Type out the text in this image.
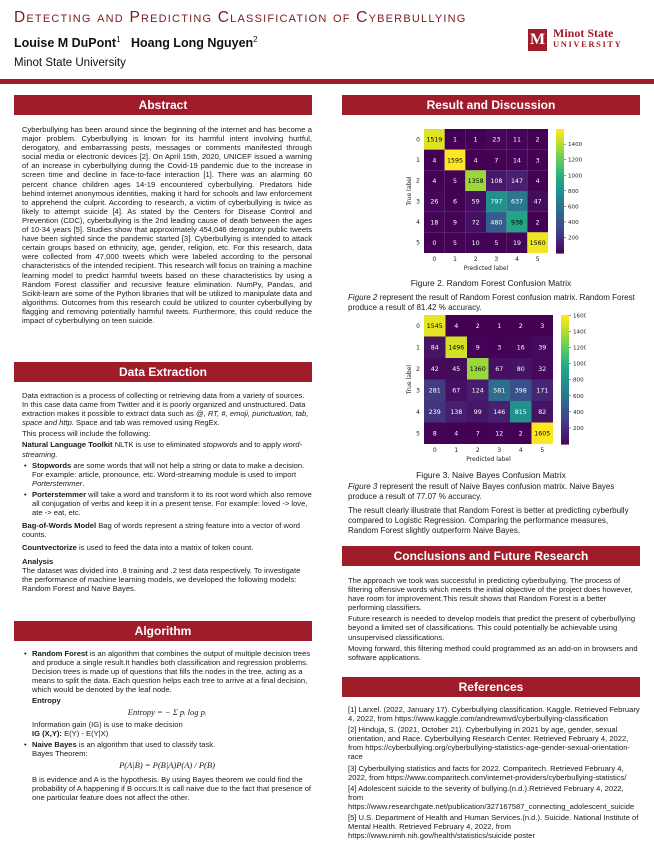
Detecting and Predicting Classification of Cyberbullying
Louise M DuPont$^1$ Hoang Long Nguyen$^2$
Minot State University
M Minot State
UNIVERSITY
Abstract
Cyberbullying has been around since the beginning of the internet and has become a major problem. Cyberbullying is known for its harmful intent involving hurtful, derogatory, and embarrassing posts, messages or comments manifested through social media or electronic devices [2]. On April 15th, 2020, UNICEF issued a warning of an increase in cyberbullying during the Covid-19 pandemic due to the increase in screen time and decline in face-to-face interaction [1]. There was an alarming 60 percent chance children ages 14-19 encountered cyberbullying. Predators hide behind internet anonymous identities, making it hard for schools and law enforcement to apprehend the culprit. According to research, a victim of cyberbullying is twice as likely to attempt suicide [4]. As stated by the Centers for Disease Control and Prevention (CDC), cyberbullying is the 2nd leading cause of death between the ages of 10-34 years [5]. Studies show that approximately 454,046 derogatory public tweets have been sighted since the pandemic started [3]. Cyberbullying is intended to attack certain groups based on ethnicity, age, gender, religion, etc. For this research, data were collected from 47,000 tweets which were labeled according to the personal characteristics of the intended recipient. This research will focus on training a machine learning model to predict harmful tweets based on these characteristics by using a Random Forest classifier and recursive feature elimination. NumPy, Pandas, and Scikit-learn are some of the Python libraries that will be utilized to manipulate data and algorithms. Outcomes from this research could be utilized to counter cyberbullying by flagging and removing potentially harmful tweets. Furthermore, this could reduce the impact of cyberbullying on teen suicide.
Data Extraction

Data extraction is a process of collecting or retrieving data from a variety of sources. In this case data came from Twitter and it is poorly organized and unstructured. Data extraction makes it possible to extract data such as @, RT, #, emoji, punctuation, tab, space and http. Space and tab was removed using RegEx.

This process will include the following:

Natural Language Toolkit NLTK is use to eliminated stopwords and to apply word-streaming.

• Stopwords are some words that will not help a string or data to make a decision. For example: article, pronounce, etc. Word-streaming module is used to import Porterstemmer.

• Porterstemmer will take a word and transform it to its root word which also remove all conjugation of verbs and keep it in a present tense. For example: loved -> love, ate -> eat, etc.

Bag-of-Words Model Bag of words represent a string feature into a vector of word counts.

Countvectorize is used to feed the data into a matrix of token count.

Analysis

The dataset was divided into .8 training and .2 test data respectively. To investigate the performance of machine learning models, we developed the following models: Random Forest and Naive Bayes.

Algorithm

• Random Forest is an algorithm that combines the output of multiple decision trees and produce a single result.It handles both classification and regression problems. Decision trees is made up of questions that fills the nodes in the tree, acting as a means to split the data. Each question helps each tree to arrive at a final decision, which would be denoted by the leaf node.

Entropy

Entropy = − Σ pᵢ log pᵢ

Information gain (IG) is use to make decision

IG (X,Y): E(Y) - E(Y|X)

• Naive Bayes is an algorithm that used to classify task.

Bayes Theorem:

P(A|B) = P(B|A)P(A) / P(B)

B is evidence and A is the hypothesis. By using Bayes theorem we could find the probability of A happening if B occurs.It is call naive due to the fact that presence of one particular feature does not affect the other.

Result and Discussion
1519 1	1 23 11 2
4 1595 4	7 14 3
4	5 1358 108 147 4
26 6 59 797 637 47
18 9 72 480 938 2
0	5 10 5 19 1560
0	1	2	3	4	5
0
1
2
3
4
5
Predicted label
True label
200
400
600
800
1000
1200
1400
Figure 2. Random Forest Confusion Matrix
Figure 2 represent the result of Random Forest confusion matrix. Random Forest produce a result of 81.42 % accuracy.
1545 4	2	1	2	3
84 1496 9	3 16 39
42 45 1360 67 80 32
281 67 124 581 398 171
239 138 99 146 815 82
8	4	7 12 2 1605
0	1	2	3	4	5
0
1
2
3
4
5
Predicted label
True label
200
400
600
800
1000
1200
1400
1600
Figure 3. Naive Bayes Confusion Matrix
Figure 3 represent the result of Naive Bayes confusion matrix. Naive Bayes produce a result of 77.07 % accuracy.
The result clearly illustrate that Random Forest is better at predicting cyberbully compared to Logistic Regression. Comparing the performance measures, Random Forest slightly outperform Naive Bayes.
Conclusions and Future Research

The approach we took was successful in predicting cyberbullying. The process of filtering offensive words which meets the initial objective of the project does however, have room for improvement.This result shows that Random Forest is a better performing classifiers.

Future research is needed to develop models that predict the present of cyberbullying beyond a limited set of classifications. This could potentially be achievable using unsupervised classifications.

Moving forward, this filtering method could programmed as an add-on in browsers and software applications.

References

[1] Larxel. (2022, January 17). Cyberbullying classification. Kaggle. Retrieved February 4, 2022, from https://www.kaggle.com/andrewmvd/cyberbullying-classification

[2] Hinduja, S. (2021, October 21). Cyberbullying in 2021 by age, gender, sexual orientation, and Race. Cyberbullying Research Center. Retrieved February 4, 2022, from https://cyberbullying.org/cyberbullying-statistics-age-gender-sexual-orientation-race

[3] Cyberbullying statistics and facts for 2022. Comparitech. Retrieved February 4, 2022, from https://www.comparitech.com/internet-providers/cyberbullying-statistics/

[4] Adolescent suicide to the severity of bullying.(n.d.).Retrieved February 4, 2022, from https://www.researchgate.net/publication/327167587_connecting_adolescent_suicide

[5] U.S. Department of Health and Human Services.(n.d.). Suicide. National Institute of Mental Health. Retrieved February 4, 2022, from https://www.nimh.nih.gov/health/statistics/suicide poster
